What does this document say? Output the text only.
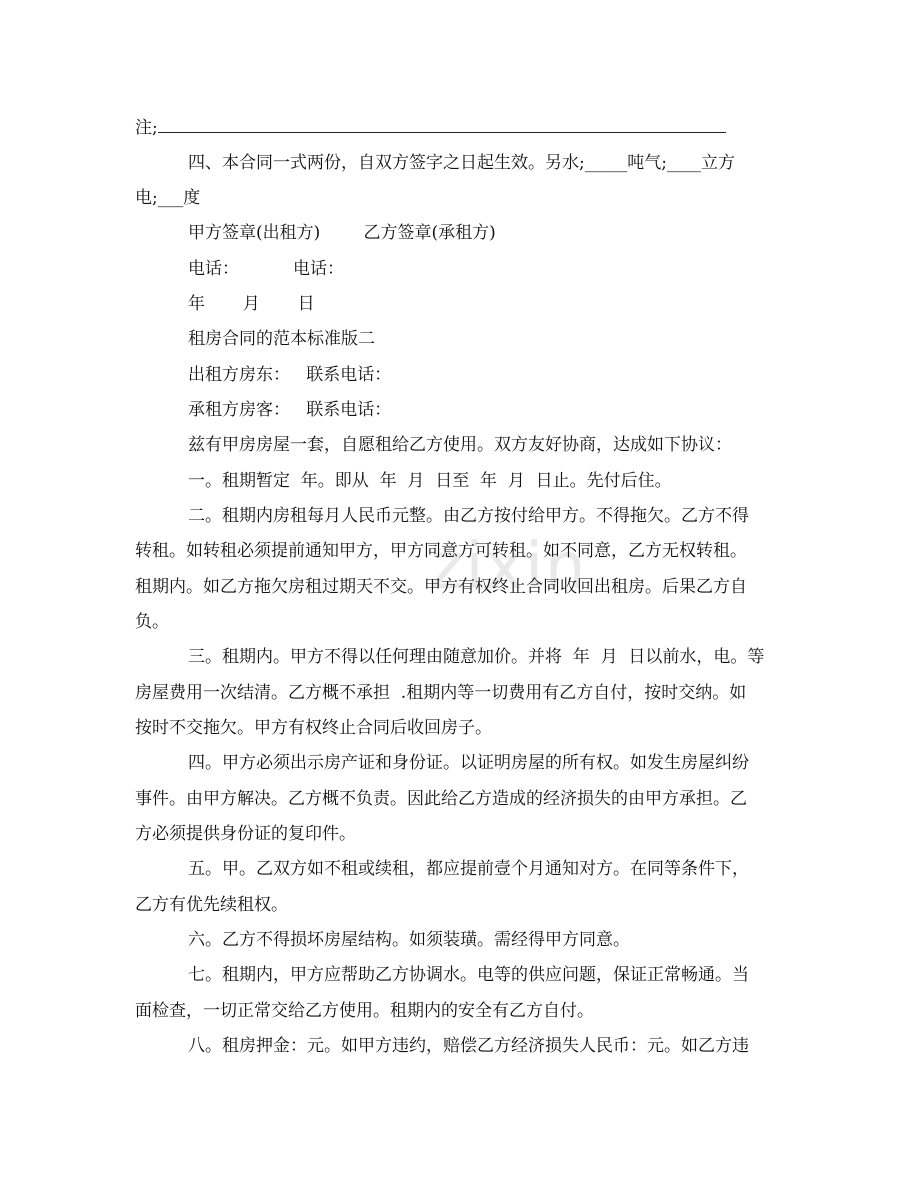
zixin
注;
四、本合同一式两份，自双方签字之日起生效。另水;_____吨气;____立方
电;___度
甲方签章(出租方)        乙方签章(承租方)
电话：          电话：
年       月       日
租房合同的范本标准版二
出租方房东：   联系电话：
承租方房客：   联系电话：
兹有甲房房屋一套，自愿租给乙方使用。双方友好协商，达成如下协议：
一。租期暂定  年。即从  年  月  日至  年  月  日止。先付后住。
二。租期内房租每月人民币元整。由乙方按付给甲方。不得拖欠。乙方不得
转租。如转租必须提前通知甲方，甲方同意方可转租。如不同意，乙方无权转租。
租期内。如乙方拖欠房租过期天不交。甲方有权终止合同收回出租房。后果乙方自
负。
三。租期内。甲方不得以任何理由随意加价。并将  年  月  日以前水，电。等
房屋费用一次结清。乙方概不承担  .租期内等一切费用有乙方自付，按时交纳。如
按时不交拖欠。甲方有权终止合同后收回房子。
四。甲方必须出示房产证和身份证。以证明房屋的所有权。如发生房屋纠纷
事件。由甲方解决。乙方概不负责。因此给乙方造成的经济损失的由甲方承担。乙
方必须提供身份证的复印件。
五。甲。乙双方如不租或续租，都应提前壹个月通知对方。在同等条件下，
乙方有优先续租权。
六。乙方不得损坏房屋结构。如须装璜。需经得甲方同意。
七。租期内，甲方应帮助乙方协调水。电等的供应问题，保证正常畅通。当
面检查，一切正常交给乙方使用。租期内的安全有乙方自付。
八。租房押金：元。如甲方违约，赔偿乙方经济损失人民币：元。如乙方违
